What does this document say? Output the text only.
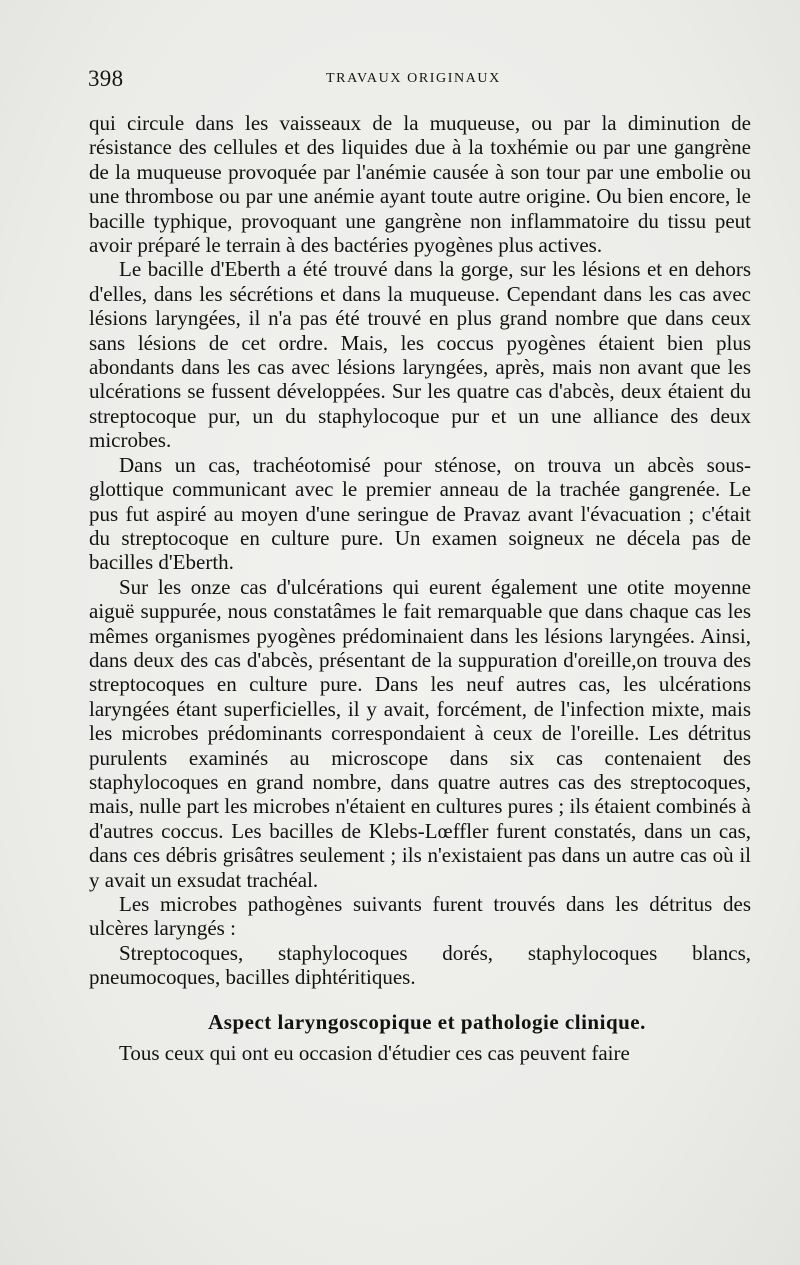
398	TRAVAUX ORIGINAUX

qui circule dans les vaisseaux de la muqueuse, ou par la diminution de résistance des cellules et des liquides due à la toxhémie ou par une gangrène de la muqueuse provoquée par l'anémie causée à son tour par une embolie ou une thrombose ou par une anémie ayant toute autre origine. Ou bien encore, le bacille typhique, provoquant une gangrène non inflammatoire du tissu peut avoir préparé le terrain à des bactéries pyogènes plus actives.

Le bacille d'Eberth a été trouvé dans la gorge, sur les lésions et en dehors d'elles, dans les sécrétions et dans la muqueuse. Cependant dans les cas avec lésions laryngées, il n'a pas été trouvé en plus grand nombre que dans ceux sans lésions de cet ordre. Mais, les coccus pyogènes étaient bien plus abondants dans les cas avec lésions laryngées, après, mais non avant que les ulcérations se fussent développées. Sur les quatre cas d'abcès, deux étaient du streptocoque pur, un du staphylocoque pur et un une alliance des deux microbes.

Dans un cas, trachéotomisé pour sténose, on trouva un abcès sous-glottique communicant avec le premier anneau de la trachée gangrenée. Le pus fut aspiré au moyen d'une seringue de Pravaz avant l'évacuation ; c'était du streptocoque en culture pure. Un examen soigneux ne décela pas de bacilles d'Eberth.

Sur les onze cas d'ulcérations qui eurent également une otite moyenne aiguë suppurée, nous constatâmes le fait remarquable que dans chaque cas les mêmes organismes pyogènes prédominaient dans les lésions laryngées. Ainsi, dans deux des cas d'abcès, présentant de la suppuration d'oreille,on trouva des streptocoques en culture pure. Dans les neuf autres cas, les ulcérations laryngées étant superficielles, il y avait, forcément, de l'infection mixte, mais les microbes prédominants correspondaient à ceux de l'oreille. Les détritus purulents examinés au microscope dans six cas contenaient des staphylocoques en grand nombre, dans quatre autres cas des streptocoques, mais, nulle part les microbes n'étaient en cultures pures ; ils étaient combinés à d'autres coccus. Les bacilles de Klebs-Lœffler furent constatés, dans un cas, dans ces débris grisâtres seulement ; ils n'existaient pas dans un autre cas où il y avait un exsudat trachéal.

Les microbes pathogènes suivants furent trouvés dans les détritus des ulcères laryngés :

Streptocoques, staphylocoques dorés, staphylocoques blancs, pneumocoques, bacilles diphtéritiques.

Aspect laryngoscopique et pathologie clinique.

Tous ceux qui ont eu occasion d'étudier ces cas peuvent faire
